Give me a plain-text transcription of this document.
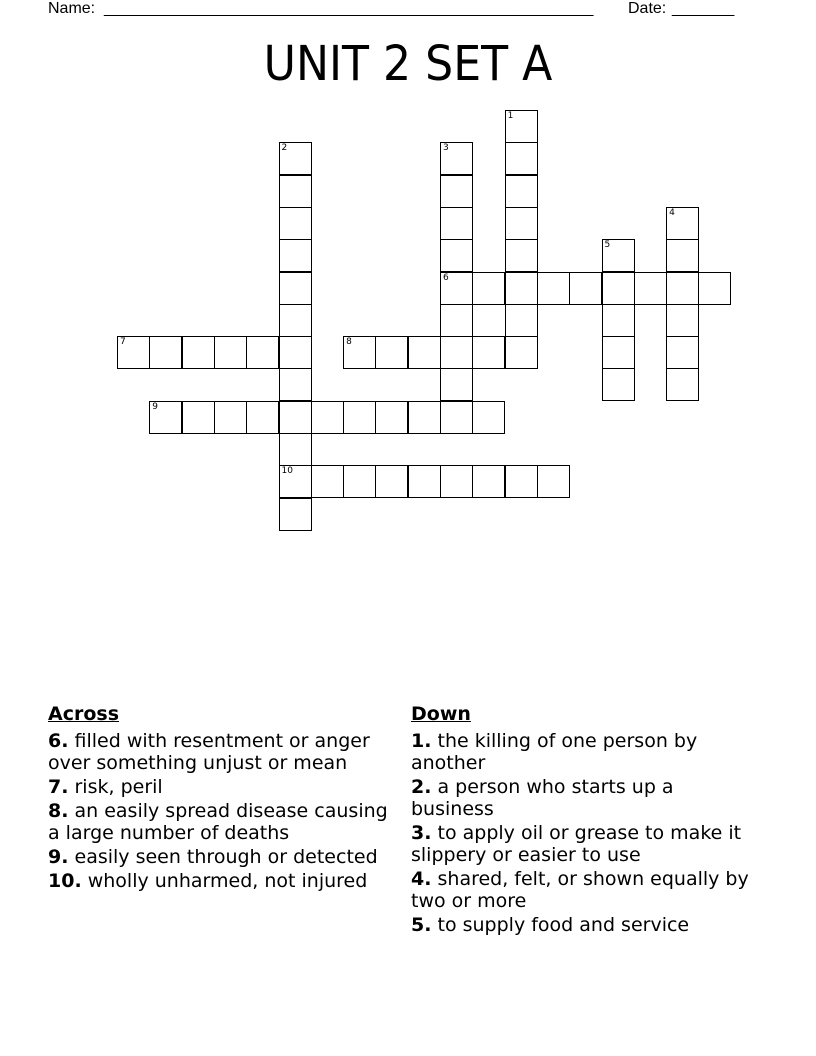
Name: _______________________________________________________ Date: _______
UNIT 2 SET A
1
2
10
3
6
4
5
7	8
9
Across
6. filled with resentment or anger over something unjust or mean
7. risk, peril
8. an easily spread disease causing a large number of deaths
9. easily seen through or detected
10. wholly unharmed, not injured
Down
1. the killing of one person by another
2. a person who starts up a business
3. to apply oil or grease to make it slippery or easier to use
4. shared, felt, or shown equally by two or more
5. to supply food and service
